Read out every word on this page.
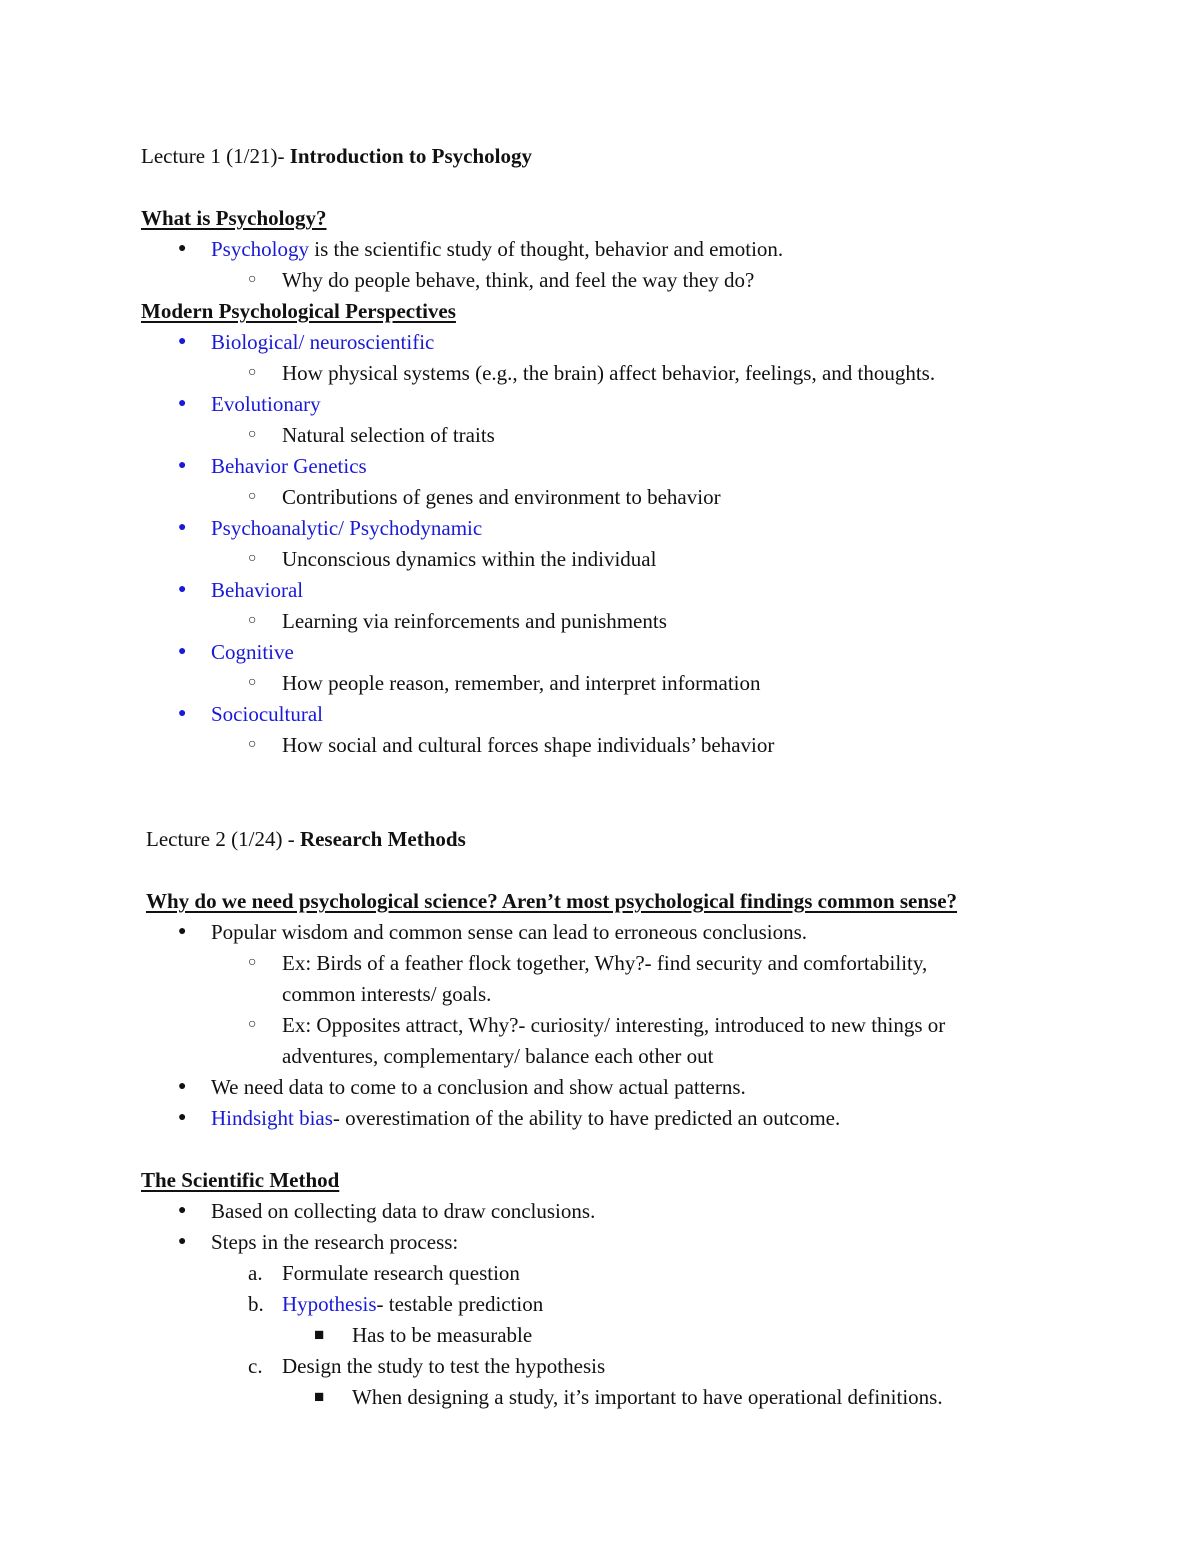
Lecture 1 (1/21)- Introduction to Psychology
What is Psychology?
● Psychology is the scientific study of thought, behavior and emotion.
○ Why do people behave, think, and feel the way they do?
Modern Psychological Perspectives
● Biological/ neuroscientific
○ How physical systems (e.g., the brain) affect behavior, feelings, and thoughts.
● Evolutionary
○ Natural selection of traits
● Behavior Genetics
○ Contributions of genes and environment to behavior
● Psychoanalytic/ Psychodynamic
○ Unconscious dynamics within the individual
● Behavioral
○ Learning via reinforcements and punishments
● Cognitive
○ How people reason, remember, and interpret information
● Sociocultural
○ How social and cultural forces shape individuals’ behavior
Lecture 2 (1/24) - Research Methods
Why do we need psychological science? Aren’t most psychological findings common sense?
● Popular wisdom and common sense can lead to erroneous conclusions.
○ Ex: Birds of a feather flock together, Why?- find security and comfortability,
common interests/ goals.
○ Ex: Opposites attract, Why?- curiosity/ interesting, introduced to new things or
adventures, complementary/ balance each other out
● We need data to come to a conclusion and show actual patterns.
● Hindsight bias- overestimation of the ability to have predicted an outcome.
The Scientific Method
● Based on collecting data to draw conclusions.
● Steps in the research process:
a. Formulate research question
b. Hypothesis- testable prediction
■ Has to be measurable
c. Design the study to test the hypothesis
■ When designing a study, it’s important to have operational definitions.
